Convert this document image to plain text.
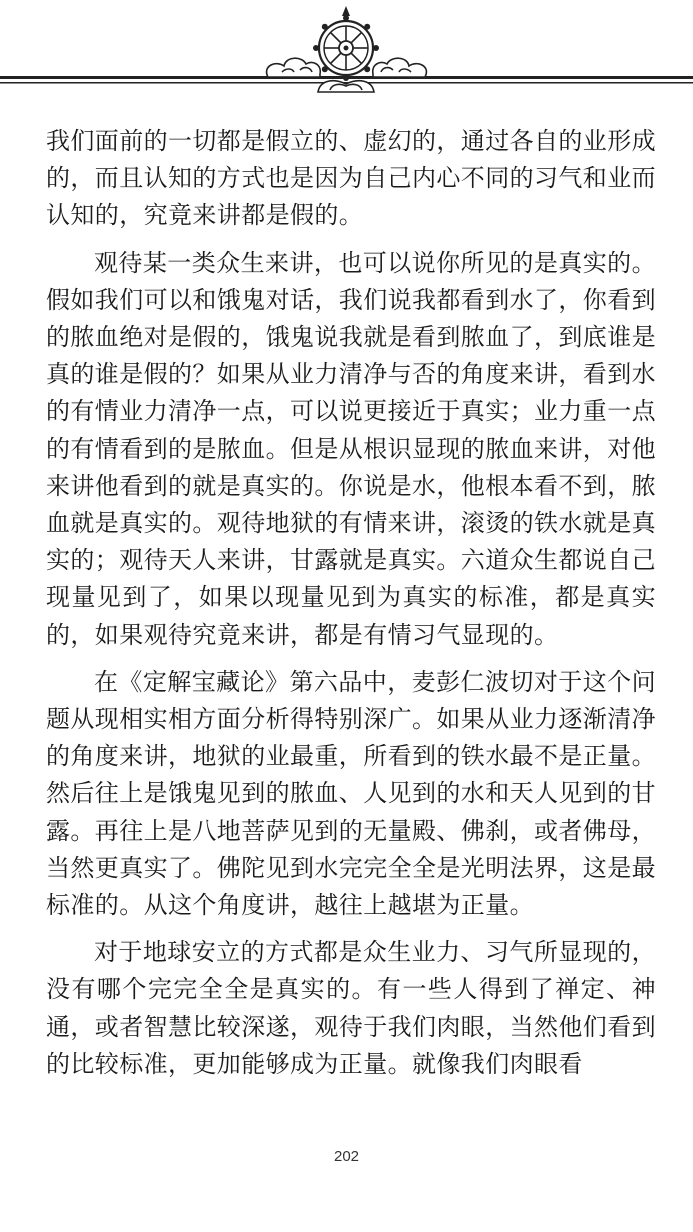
我们面前的一切都是假立的、虚幻的，通过各自的业形成的，而且认知的方式也是因为自己内心不同的习气和业而认知的，究竟来讲都是假的。

观待某一类众生来讲，也可以说你所见的是真实的。假如我们可以和饿鬼对话，我们说我都看到水了，你看到的脓血绝对是假的，饿鬼说我就是看到脓血了，到底谁是真的谁是假的？如果从业力清净与否的角度来讲，看到水的有情业力清净一点，可以说更接近于真实；业力重一点的有情看到的是脓血。但是从根识显现的脓血来讲，对他来讲他看到的就是真实的。你说是水，他根本看不到，脓血就是真实的。观待地狱的有情来讲，滚烫的铁水就是真实的；观待天人来讲，甘露就是真实。六道众生都说自己现量见到了，如果以现量见到为真实的标准，都是真实的，如果观待究竟来讲，都是有情习气显现的。

在《定解宝藏论》第六品中，麦彭仁波切对于这个问题从现相实相方面分析得特别深广。如果从业力逐渐清净的角度来讲，地狱的业最重，所看到的铁水最不是正量。然后往上是饿鬼见到的脓血、人见到的水和天人见到的甘露。再往上是八地菩萨见到的无量殿、佛刹，或者佛母，当然更真实了。佛陀见到水完完全全是光明法界，这是最标准的。从这个角度讲，越往上越堪为正量。

对于地球安立的方式都是众生业力、习气所显现的，没有哪个完完全全是真实的。有一些人得到了禅定、神通，或者智慧比较深遂，观待于我们肉眼，当然他们看到的比较标准，更加能够成为正量。就像我们肉眼看

202
